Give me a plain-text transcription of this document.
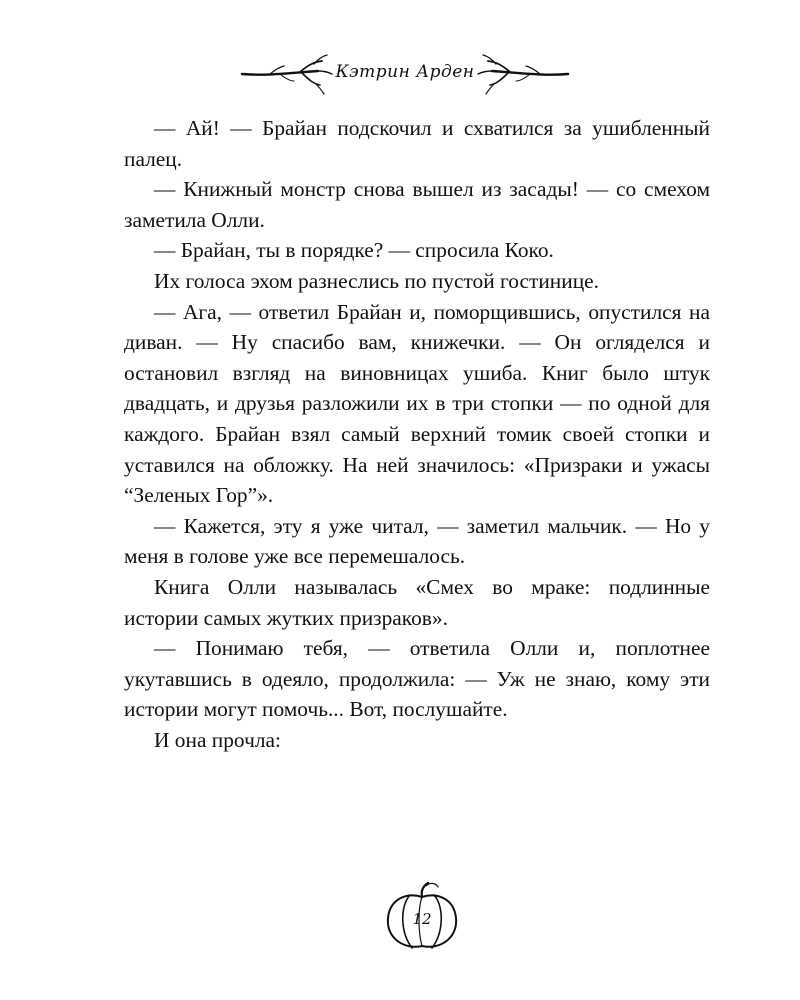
Кэтрин Арден

— Ай! — Брайан подскочил и схватился за ушибленный палец.

— Книжный монстр снова вышел из засады! — со смехом заметила Олли.

— Брайан, ты в порядке? — спросила Коко.

Их голоса эхом разнеслись по пустой гостинице.

— Ага, — ответил Брайан и, поморщившись, опустился на диван. — Ну спасибо вам, книжечки. — Он огляделся и остановил взгляд на виновницах ушиба. Книг было штук двадцать, и друзья разложили их в три стопки — по одной для каждого. Брайан взял самый верхний томик своей стопки и уставился на обложку. На ней значилось: «Призраки и ужасы “Зеленых Гор”».

— Кажется, эту я уже читал, — заметил мальчик. — Но у меня в голове уже все перемешалось.

Книга Олли называлась «Смех во мраке: подлинные истории самых жутких призраков».

— Понимаю тебя, — ответила Олли и, поплотнее укутавшись в одеяло, продолжила: — Уж не знаю, кому эти истории могут помочь... Вот, послушайте.

И она прочла:

12
